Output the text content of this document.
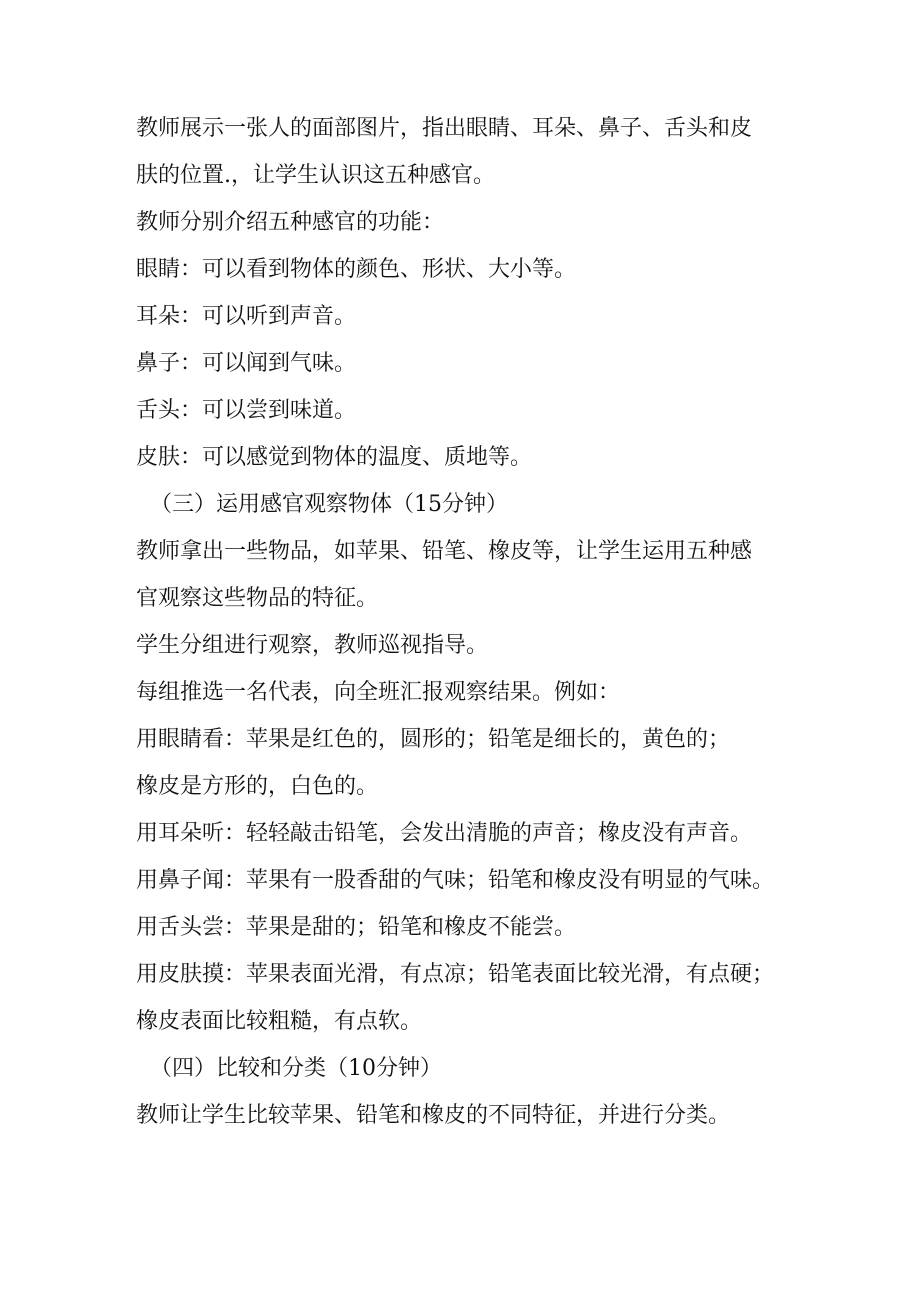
教师展示一张人的面部图片，指出眼睛、耳朵、鼻子、舌头和皮
肤的位置.，让学生认识这五种感官。
教师分别介绍五种感官的功能：
眼睛：可以看到物体的颜色、形状、大小等。
耳朵：可以听到声音。
鼻子：可以闻到气味。
舌头：可以尝到味道。
皮肤：可以感觉到物体的温度、质地等。
（三）运用感官观察物体（15分钟）
教师拿出一些物品，如苹果、铅笔、橡皮等，让学生运用五种感
官观察这些物品的特征。
学生分组进行观察，教师巡视指导。
每组推选一名代表，向全班汇报观察结果。例如：
用眼睛看：苹果是红色的，圆形的；铅笔是细长的，黄色的；
橡皮是方形的，白色的。
用耳朵听：轻轻敲击铅笔，会发出清脆的声音；橡皮没有声音。
用鼻子闻：苹果有一股香甜的气味；铅笔和橡皮没有明显的气味。
用舌头尝：苹果是甜的；铅笔和橡皮不能尝。
用皮肤摸：苹果表面光滑，有点凉；铅笔表面比较光滑，有点硬；
橡皮表面比较粗糙，有点软。
（四）比较和分类（10分钟）
教师让学生比较苹果、铅笔和橡皮的不同特征，并进行分类。
